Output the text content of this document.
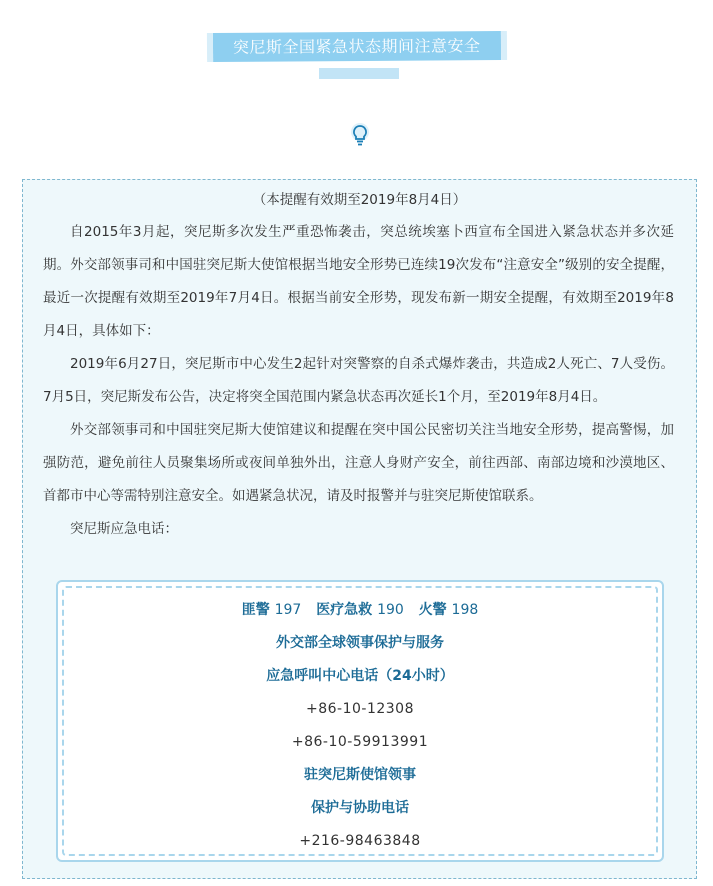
突尼斯全国紧急状态期间注意安全
（本提醒有效期至2019年8月4日）

自2015年3月起，突尼斯多次发生严重恐怖袭击，突总统埃塞卜西宣布全国进入紧急状态并多次延期。外交部领事司和中国驻突尼斯大使馆根据当地安全形势已连续19次发布“注意安全”级别的安全提醒，最近一次提醒有效期至2019年7月4日。根据当前安全形势，现发布新一期安全提醒，有效期至2019年8月4日，具体如下：

2019年6月27日，突尼斯市中心发生2起针对突警察的自杀式爆炸袭击，共造成2人死亡、7人受伤。7月5日，突尼斯发布公告，决定将突全国范围内紧急状态再次延长1个月，至2019年8月4日。

外交部领事司和中国驻突尼斯大使馆建议和提醒在突中国公民密切关注当地安全形势，提高警惕，加强防范，避免前往人员聚集场所或夜间单独外出，注意人身财产安全，前往西部、南部边境和沙漠地区、首都市中心等需特别注意安全。如遇紧急状况，请及时报警并与驻突尼斯使馆联系。

突尼斯应急电话：

匪警 197 医疗急救 190 火警 198
外交部全球领事保护与服务
应急呼叫中心电话（24小时）
+86-10-12308
+86-10-59913991
驻突尼斯使馆领事
保护与协助电话
+216-98463848
